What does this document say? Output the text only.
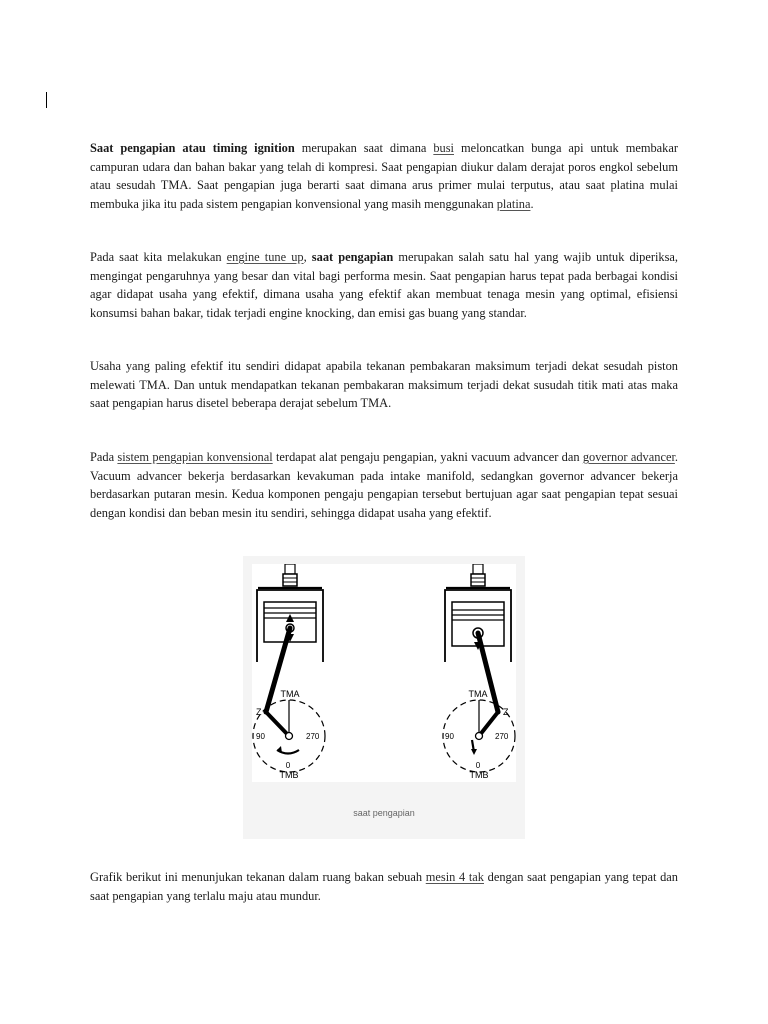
Saat pengapian atau timing ignition merupakan saat dimana busi meloncatkan bunga api untuk membakar campuran udara dan bahan bakar yang telah di kompresi. Saat pengapian diukur dalam derajat poros engkol sebelum atau sesudah TMA. Saat pengapian juga berarti saat dimana arus primer mulai terputus, atau saat platina mulai membuka jika itu pada sistem pengapian konvensional yang masih menggunakan platina.

Pada saat kita melakukan engine tune up, saat pengapian merupakan salah satu hal yang wajib untuk diperiksa, mengingat pengaruhnya yang besar dan vital bagi performa mesin. Saat pengapian harus tepat pada berbagai kondisi agar didapat usaha yang efektif, dimana usaha yang efektif akan membuat tenaga mesin yang optimal, efisiensi konsumsi bahan bakar, tidak terjadi engine knocking, dan emisi gas buang yang standar.

Usaha yang paling efektif itu sendiri didapat apabila tekanan pembakaran maksimum terjadi dekat sesudah piston melewati TMA. Dan untuk mendapatkan tekanan pembakaran maksimum terjadi dekat susudah titik mati atas maka saat pengapian harus disetel beberapa derajat sebelum TMA.

Pada sistem pengapian konvensional terdapat alat pengaju pengapian, yakni vacuum advancer dan governor advancer. Vacuum advancer bekerja berdasarkan kevakuman pada intake manifold, sedangkan governor advancer bekerja berdasarkan putaran mesin. Kedua komponen pengaju pengapian tersebut bertujuan agar saat pengapian tepat sesuai dengan kondisi dan beban mesin itu sendiri, sehingga didapat usaha yang efektif.

TMA
Z
90	270
0
TMB
TMA
Z
90	270
0
TMB
saat pengapian

Grafik berikut ini menunjukan tekanan dalam ruang bakan sebuah mesin 4 tak dengan saat pengapian yang tepat dan saat pengapian yang terlalu maju atau mundur.
